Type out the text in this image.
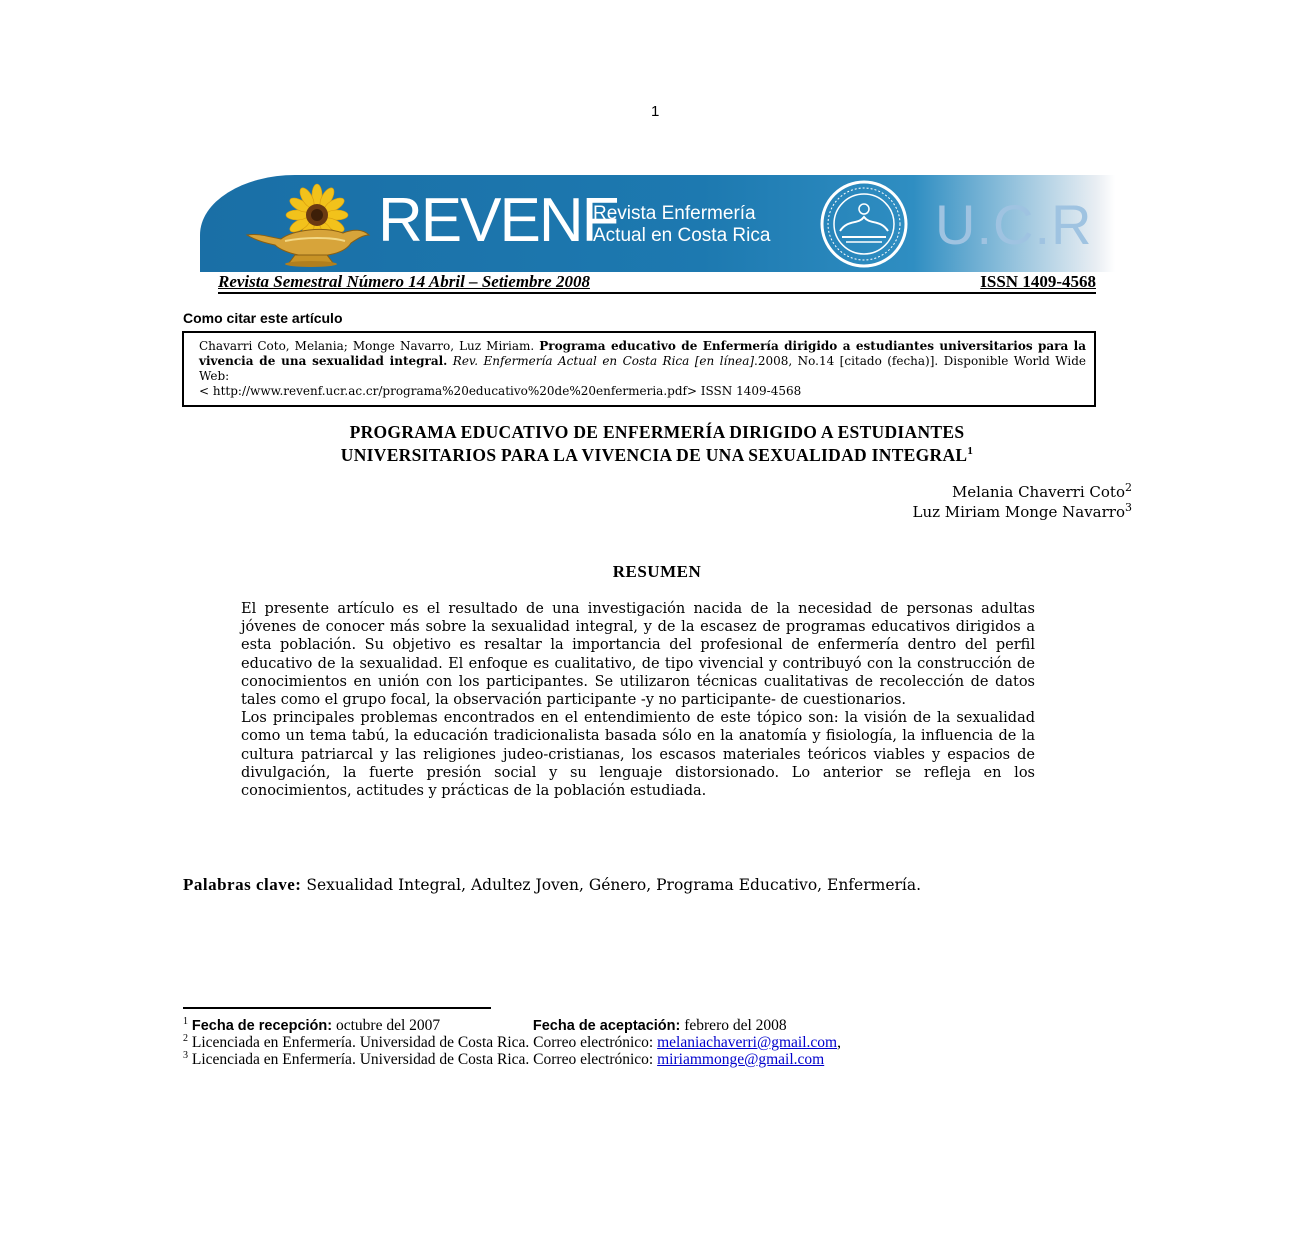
1
REVENF
Revista Enfermería
Actual en Costa Rica	U.C.R
Revista Semestral Número 14 Abril – Setiembre 2008	ISSN 1409-4568
Como citar este artículo
Chavarri Coto, Melania; Monge Navarro, Luz Miriam. Programa educativo de Enfermería dirigido a estudiantes universitarios para la vivencia de una sexualidad integral. Rev. Enfermería Actual en Costa Rica [en línea].2008, No.14 [citado (fecha)]. Disponible World Wide Web:
< http://www.revenf.ucr.ac.cr/programa%20educativo%20de%20enfermeria.pdf> ISSN 1409-4568
PROGRAMA EDUCATIVO DE ENFERMERÍA DIRIGIDO A ESTUDIANTES
UNIVERSITARIOS PARA LA VIVENCIA DE UNA SEXUALIDAD INTEGRAL$^1$
Melania Chaverri Coto$^2$
Luz Miriam Monge Navarro$^3$
RESUMEN

El presente artículo es el resultado de una investigación nacida de la necesidad de personas adultas jóvenes de conocer más sobre la sexualidad integral, y de la escasez de programas educativos dirigidos a esta población. Su objetivo es resaltar la importancia del profesional de enfermería dentro del perfil educativo de la sexualidad. El enfoque es cualitativo, de tipo vivencial y contribuyó con la construcción de conocimientos en unión con los participantes. Se utilizaron técnicas cualitativas de recolección de datos tales como el grupo focal, la observación participante -y no participante- de cuestionarios.

Los principales problemas encontrados en el entendimiento de este tópico son: la visión de la sexualidad como un tema tabú, la educación tradicionalista basada sólo en la anatomía y fisiología, la influencia de la cultura patriarcal y las religiones judeo-cristianas, los escasos materiales teóricos viables y espacios de divulgación, la fuerte presión social y su lenguaje distorsionado. Lo anterior se refleja en los conocimientos, actitudes y prácticas de la población estudiada.

Palabras clave: Sexualidad Integral, Adultez Joven, Género, Programa Educativo, Enfermería.
$^1$ Fecha de recepción: octubre del 2007	Fecha de aceptación: febrero del 2008
$^2$ Licenciada en Enfermería. Universidad de Costa Rica. Correo electrónico: melaniachaverri@gmail.com,
$^3$ Licenciada en Enfermería. Universidad de Costa Rica. Correo electrónico: miriammonge@gmail.com
